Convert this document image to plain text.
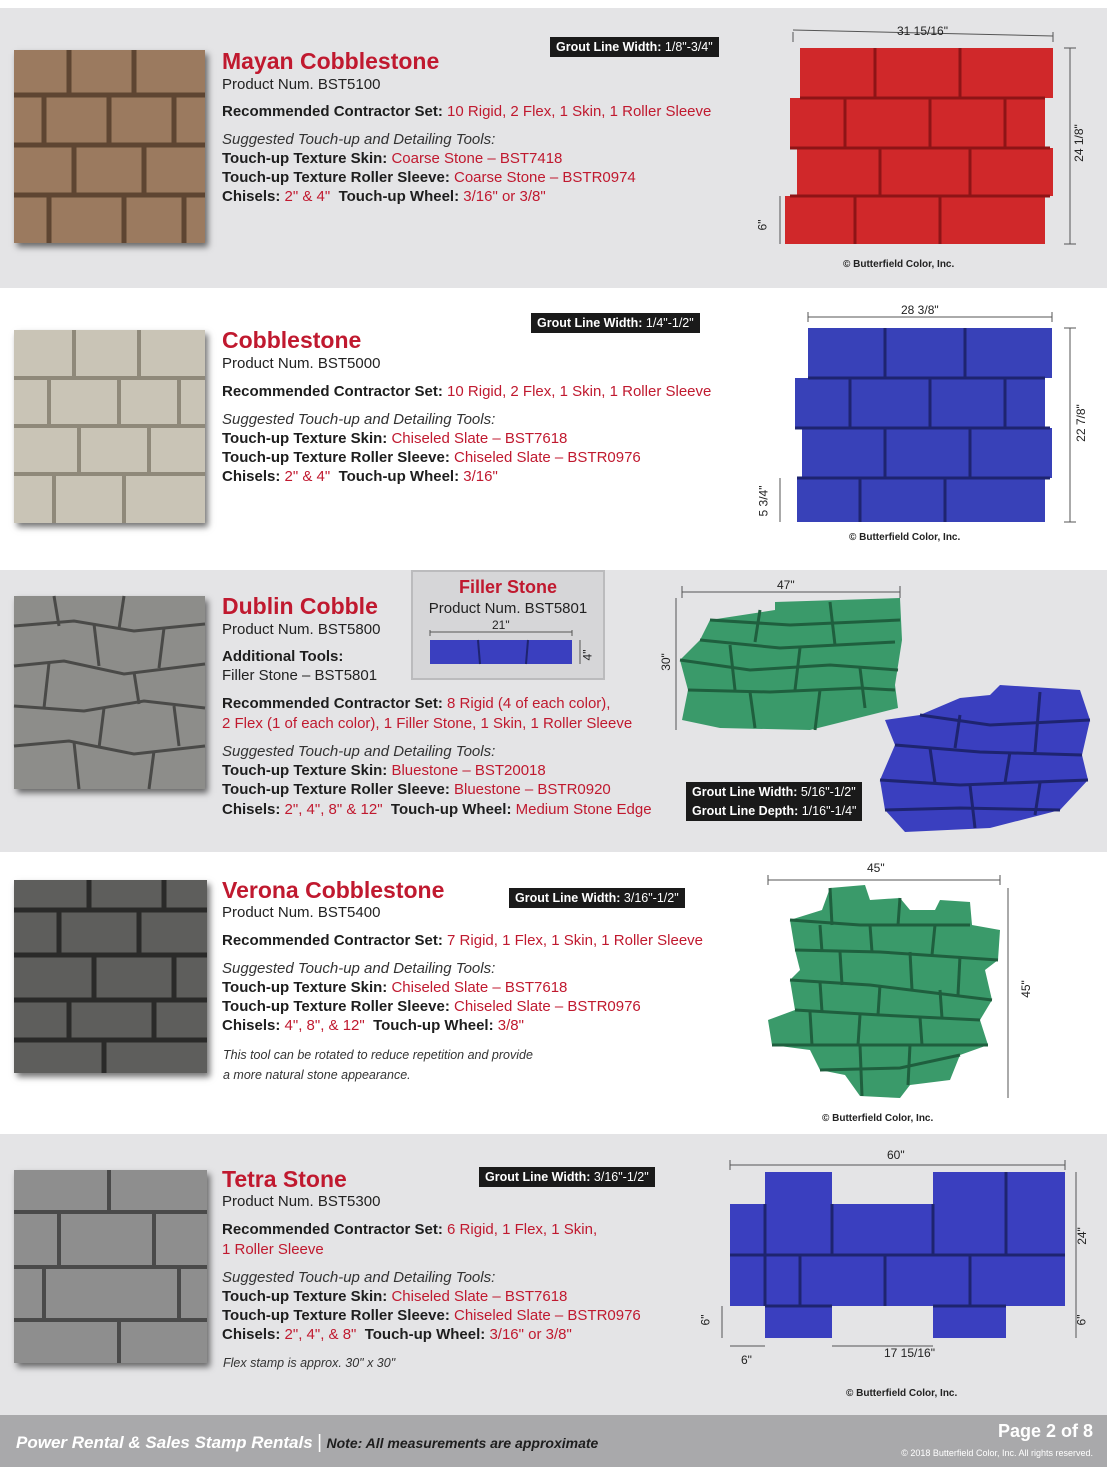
Mayan Cobblestone
Product Num. BST5100
Grout Line Width: 1/8"-3/4"
Recommended Contractor Set: 10 Rigid, 2 Flex, 1 Skin, 1 Roller Sleeve
Suggested Touch-up and Detailing Tools:
Touch-up Texture Skin: Coarse Stone – BST7418
Touch-up Texture Roller Sleeve: Coarse Stone – BSTR0974
Chisels: 2" & 4" Touch-up Wheel: 3/16" or 3/8"
31 15/16"
24 1/8"
6"
© Butterfield Color, Inc.
Cobblestone
Product Num. BST5000
Grout Line Width: 1/4"-1/2"
Recommended Contractor Set: 10 Rigid, 2 Flex, 1 Skin, 1 Roller Sleeve
Suggested Touch-up and Detailing Tools:
Touch-up Texture Skin: Chiseled Slate – BST7618
Touch-up Texture Roller Sleeve: Chiseled Slate – BSTR0976
Chisels: 2" & 4" Touch-up Wheel: 3/16"
28 3/8"
22 7/8"
5 3/4"
© Butterfield Color, Inc.
Dublin Cobble
Product Num. BST5800
Additional Tools:
Filler Stone – BST5801
Filler Stone
Product Num. BST5801
21"
4"
Recommended Contractor Set: 8 Rigid (4 of each color),
2 Flex (1 of each color), 1 Filler Stone, 1 Skin, 1 Roller Sleeve
Suggested Touch-up and Detailing Tools:
Touch-up Texture Skin: Bluestone – BST20018
Touch-up Texture Roller Sleeve: Bluestone – BSTR0920
Chisels: 2", 4", 8" & 12" Touch-up Wheel: Medium Stone Edge
47"
30"
Grout Line Width: 5/16"-1/2"
Grout Line Depth: 1/16"-1/4"
Verona Cobblestone
Product Num. BST5400
Grout Line Width: 3/16"-1/2"
Recommended Contractor Set: 7 Rigid, 1 Flex, 1 Skin, 1 Roller Sleeve
Suggested Touch-up and Detailing Tools:
Touch-up Texture Skin: Chiseled Slate – BST7618
Touch-up Texture Roller Sleeve: Chiseled Slate – BSTR0976
Chisels: 4", 8", & 12" Touch-up Wheel: 3/8"
This tool can be rotated to reduce repetition and provide
a more natural stone appearance.
45"
45"
© Butterfield Color, Inc.
Tetra Stone
Product Num. BST5300
Grout Line Width: 3/16"-1/2"
Recommended Contractor Set: 6 Rigid, 1 Flex, 1 Skin,
1 Roller Sleeve
Suggested Touch-up and Detailing Tools:
Touch-up Texture Skin: Chiseled Slate – BST7618
Touch-up Texture Roller Sleeve: Chiseled Slate – BSTR0976
Chisels: 2", 4", & 8" Touch-up Wheel: 3/16" or 3/8"
Flex stamp is approx. 30" x 30"
60"
24"
6"	6"
6"	17 15/16"
© Butterfield Color, Inc.
Power Rental & Sales Stamp Rentals | Note: All measurements are approximate
Page 2 of 8
© 2018 Butterfield Color, Inc. All rights reserved.
